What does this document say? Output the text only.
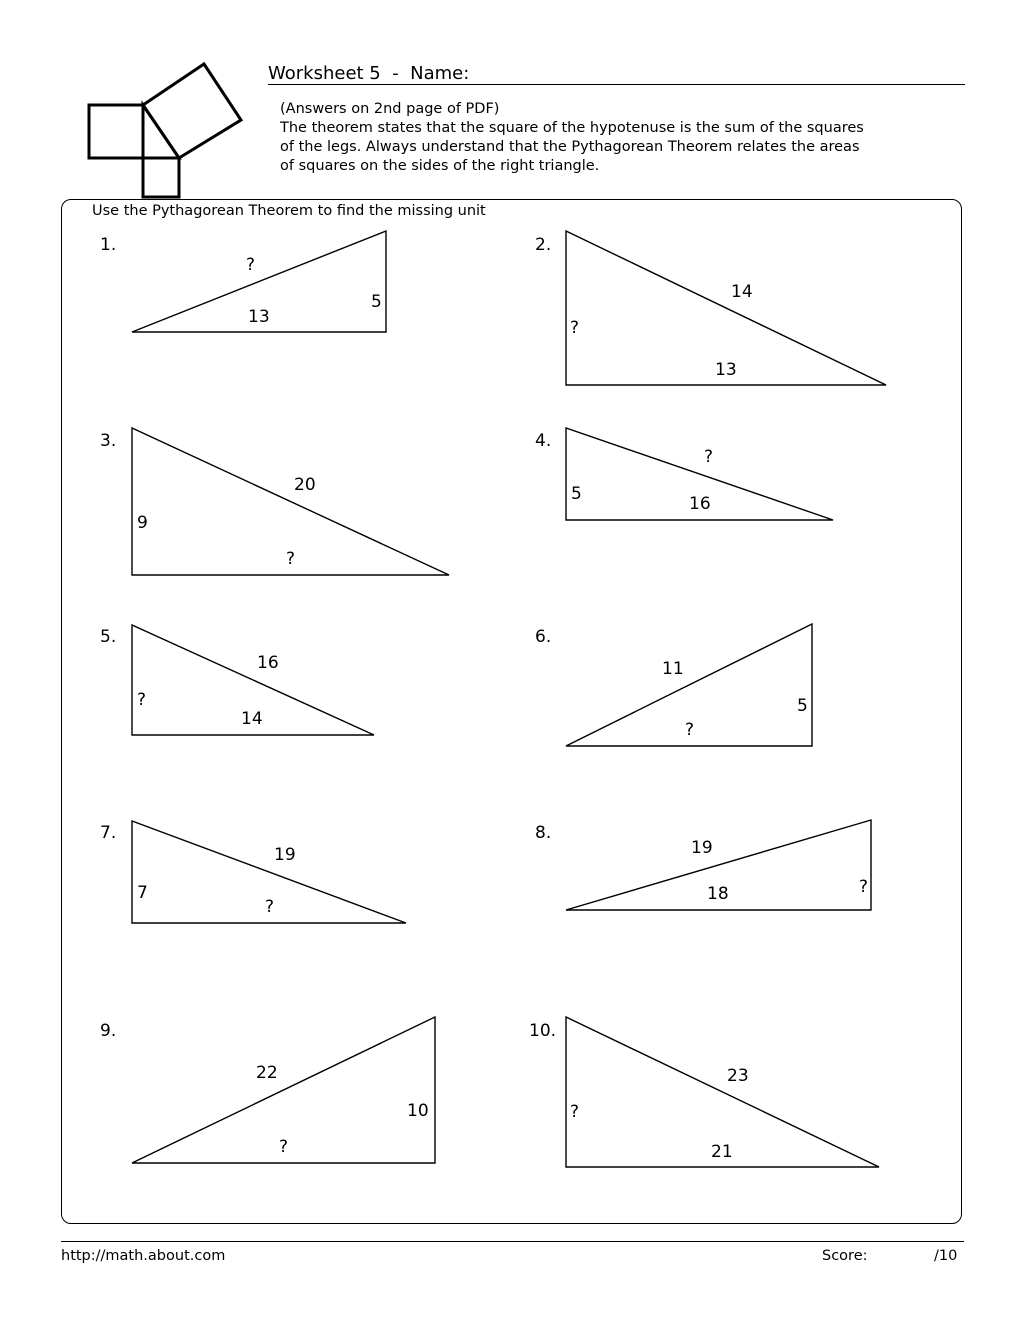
Worksheet 5  -  Name:
(Answers on 2nd page of PDF)
The theorem states that the square of the hypotenuse is the sum of the squares
of the legs. Always understand that the Pythagorean Theorem relates the areas
of squares on the sides of the right triangle.
Use the Pythagorean Theorem to find the missing unit
1.	2.
3.	4.
5.	6.
7.	8.
9.	10.
?
13
5	14
?
13
20
9
?
?
5	16
16
?
14
11
5
?
19
7
?
19
18	?
22
10
?
23
?
21
http://math.about.com	Score:	/10
